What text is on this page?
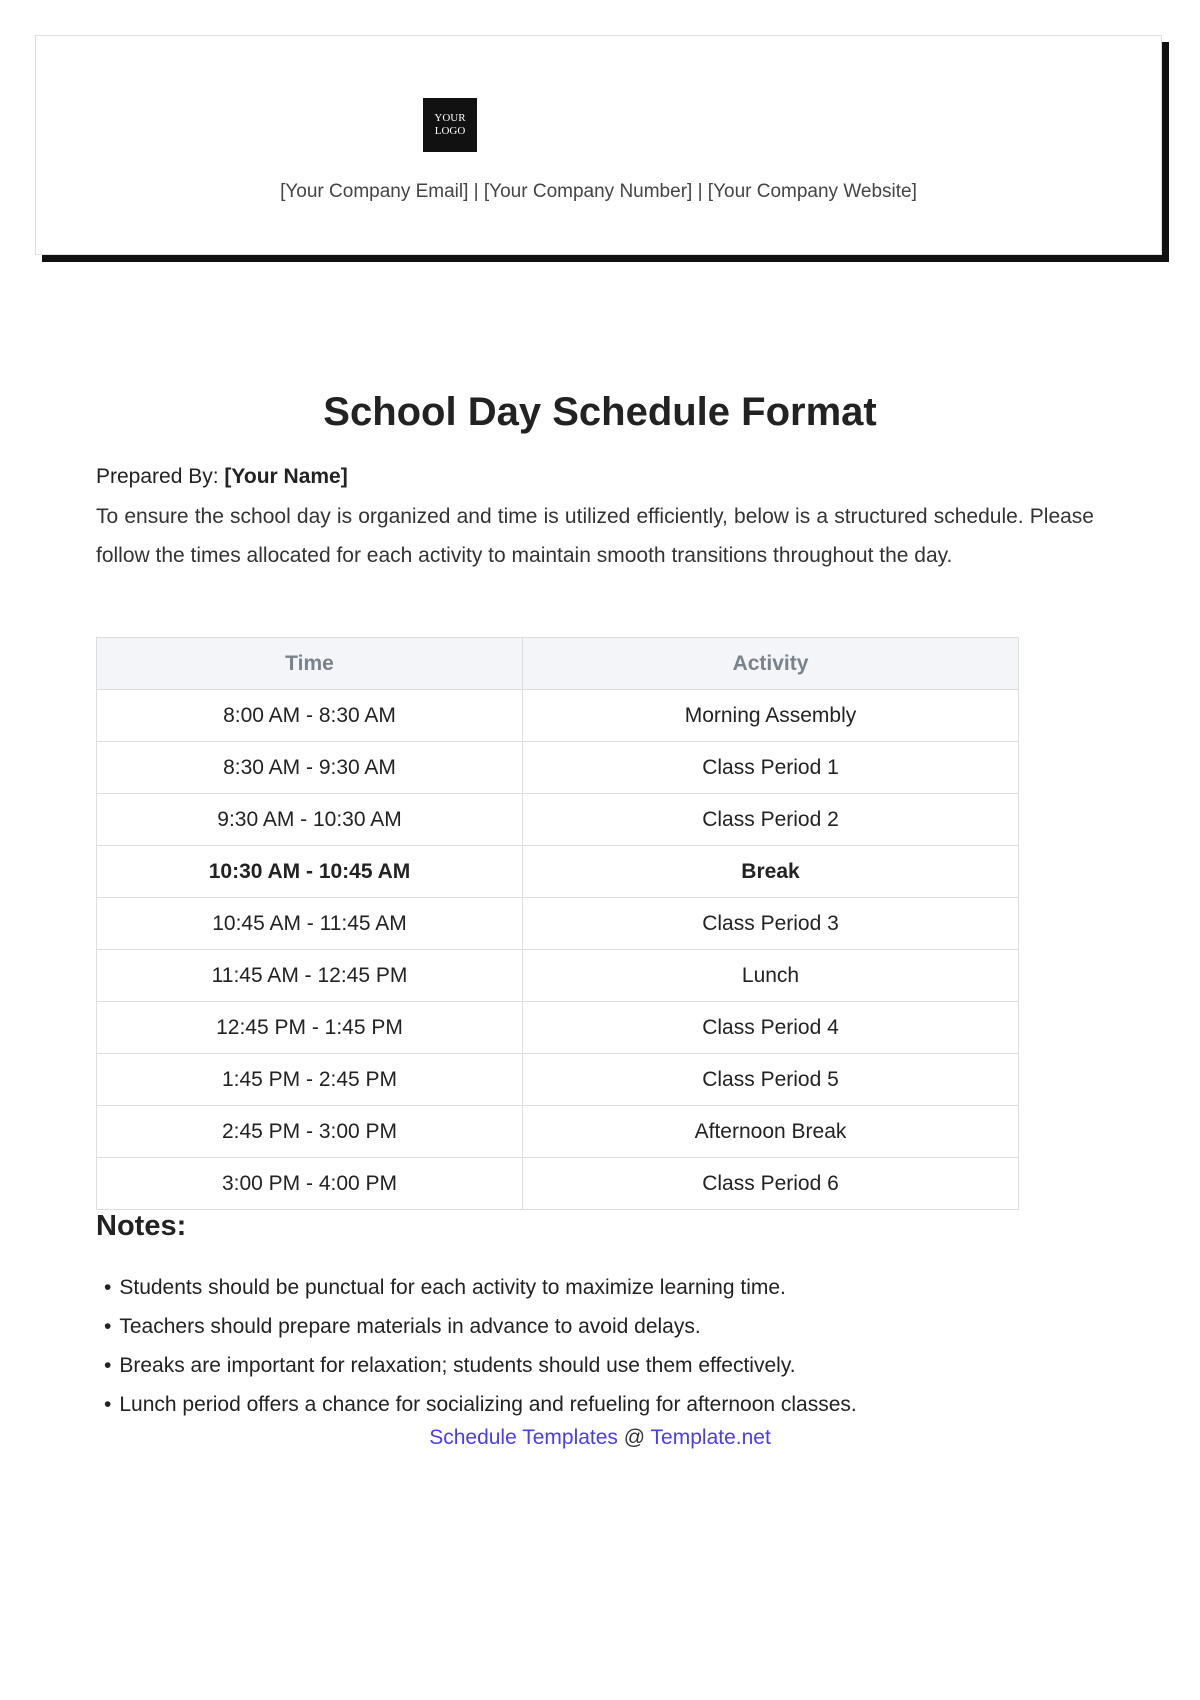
YOUR
LOGO
[Your Company Email] | [Your Company Number] | [Your Company Website]
School Day Schedule Format
Prepared By: [Your Name]

To ensure the school day is organized and time is utilized efficiently, below is a structured schedule. Please follow the times allocated for each activity to maintain smooth transitions throughout the day.

Time	Activity
8:00 AM - 8:30 AM	Morning Assembly
8:30 AM - 9:30 AM	Class Period 1
9:30 AM - 10:30 AM	Class Period 2
10:30 AM - 10:45 AM	Break
10:45 AM - 11:45 AM	Class Period 3
11:45 AM - 12:45 PM	Lunch
12:45 PM - 1:45 PM	Class Period 4
1:45 PM - 2:45 PM	Class Period 5
2:45 PM - 3:00 PM	Afternoon Break
3:00 PM - 4:00 PM	Class Period 6
Notes:
• Students should be punctual for each activity to maximize learning time.
• Teachers should prepare materials in advance to avoid delays.
• Breaks are important for relaxation; students should use them effectively.
• Lunch period offers a chance for socializing and refueling for afternoon classes.
Schedule Templates @ Template.net
